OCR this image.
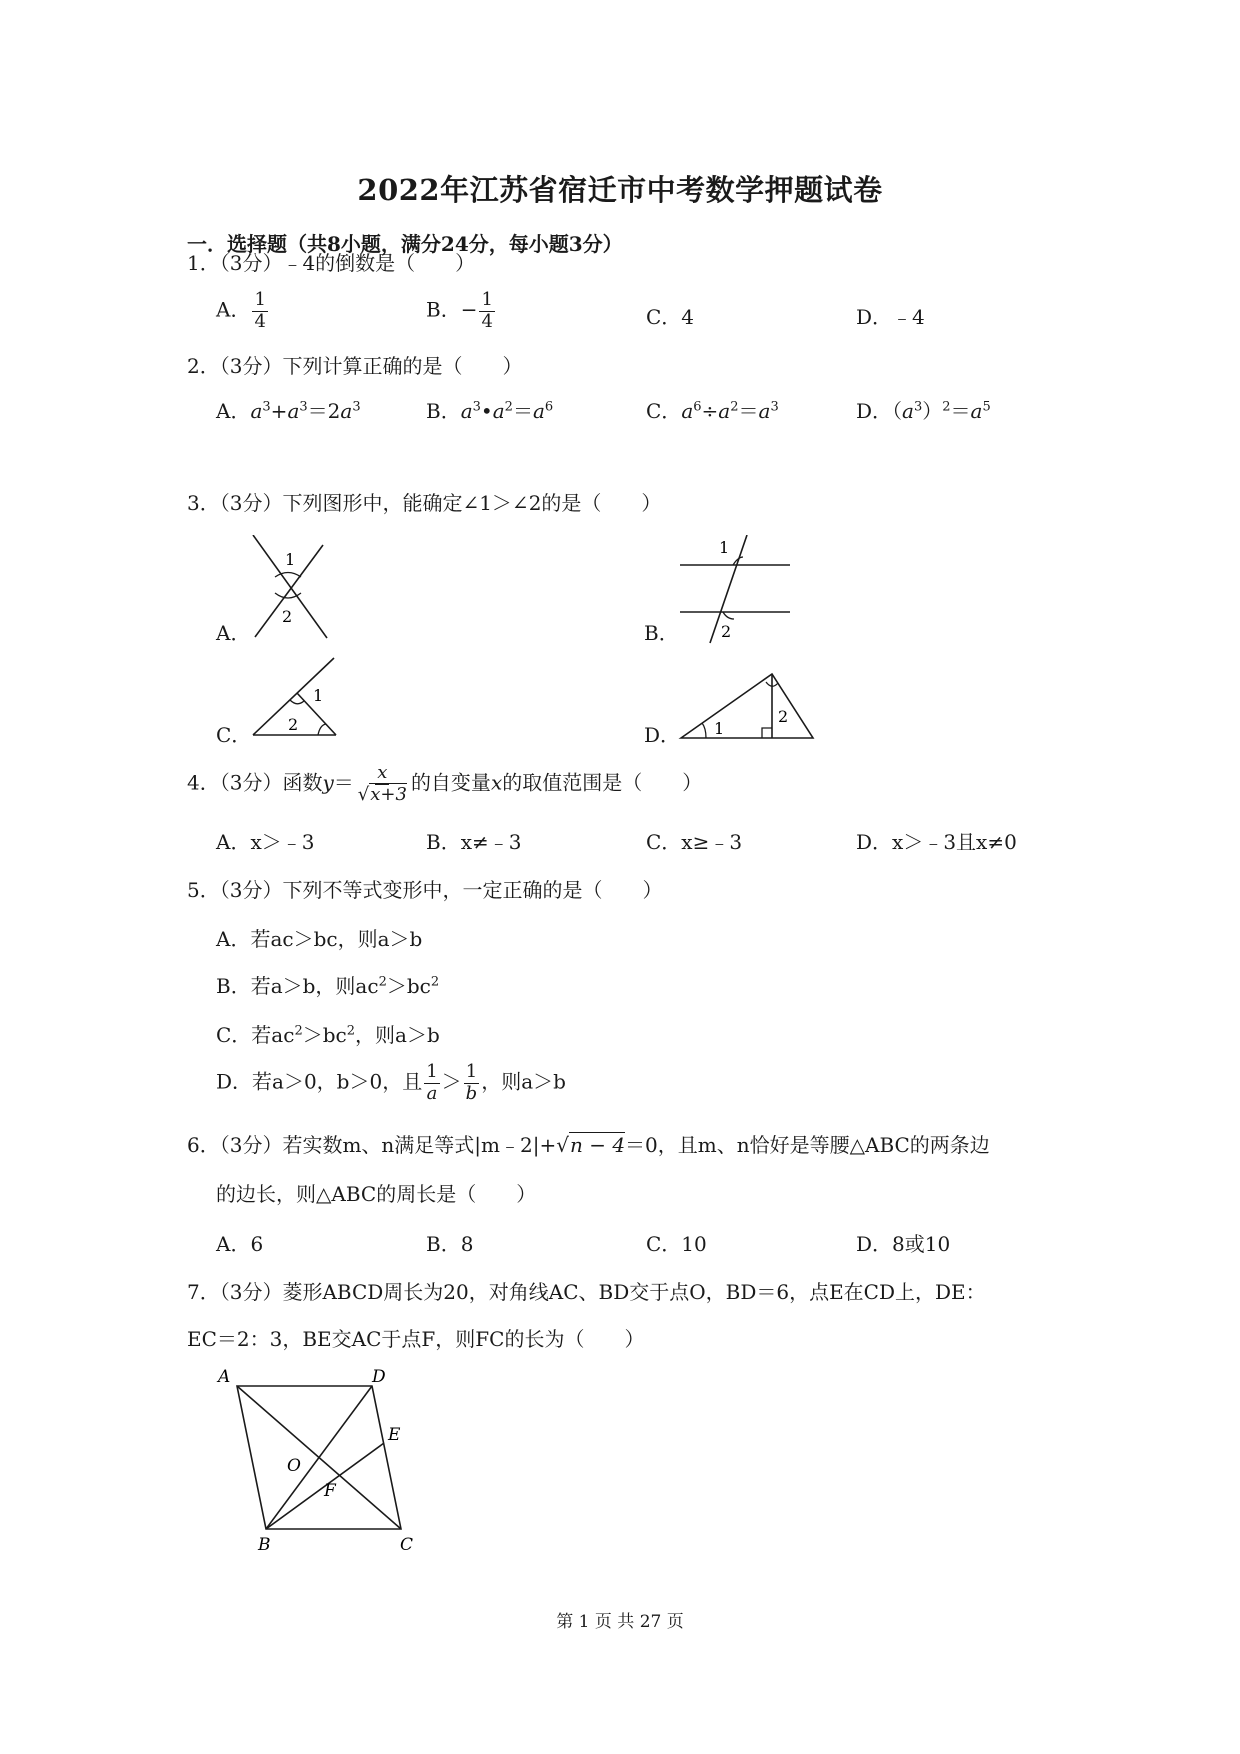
2022年江苏省宿迁市中考数学押题试卷
一．选择题（共8小题，满分24分，每小题3分）
1．（3分）﹣4的倒数是（　　）
A． $\frac{1}{4}$	B．− $\frac{1}{4}$	C．4	D．﹣4
2．（3分）下列计算正确的是（　　）
A．$a^3+a^3=2a^3$	B．$a^3•a^2=a^6$	C．$a^6\div a^2=a^3$	D．$(a^3)^2=a^5$
3．（3分）下列图形中，能确定∠1＞∠2的是（　　）
A．
1
2
B．
1
2
C．
1
2	D． 1
2
4．（3分）函数$y= \frac{x}{√x+3}$ 的自变量x的取值范围是（　　）
A．x＞﹣3	B．x≠﹣3	C．x≥﹣3	D．x＞﹣3且x≠0
5．（3分）下列不等式变形中，一定正确的是（　　）
A．若ac＞bc，则a＞b
B．若a＞b，则$ac^2>bc^2$
C．若$ac^2>bc^2$，则a＞b
D．若a＞0，b＞0，且 $\frac{1}{a} > \frac{1}{b}$ ，则a＞b
6．（3分）若实数m、n满足等式|m﹣2|+√n − 4＝0，且m、n恰好是等腰△ABC的两条边
的边长，则△ABC的周长是（　　）
A．6	B．8	C．10	D．8或10
7．（3分）菱形ABCD周长为20，对角线AC、BD交于点O，BD＝6，点E在CD上，DE：
EC＝2：3，BE交AC于点F，则FC的长为（　　）
A	D
E
O
F
B	C
第 1 页 共 27 页
